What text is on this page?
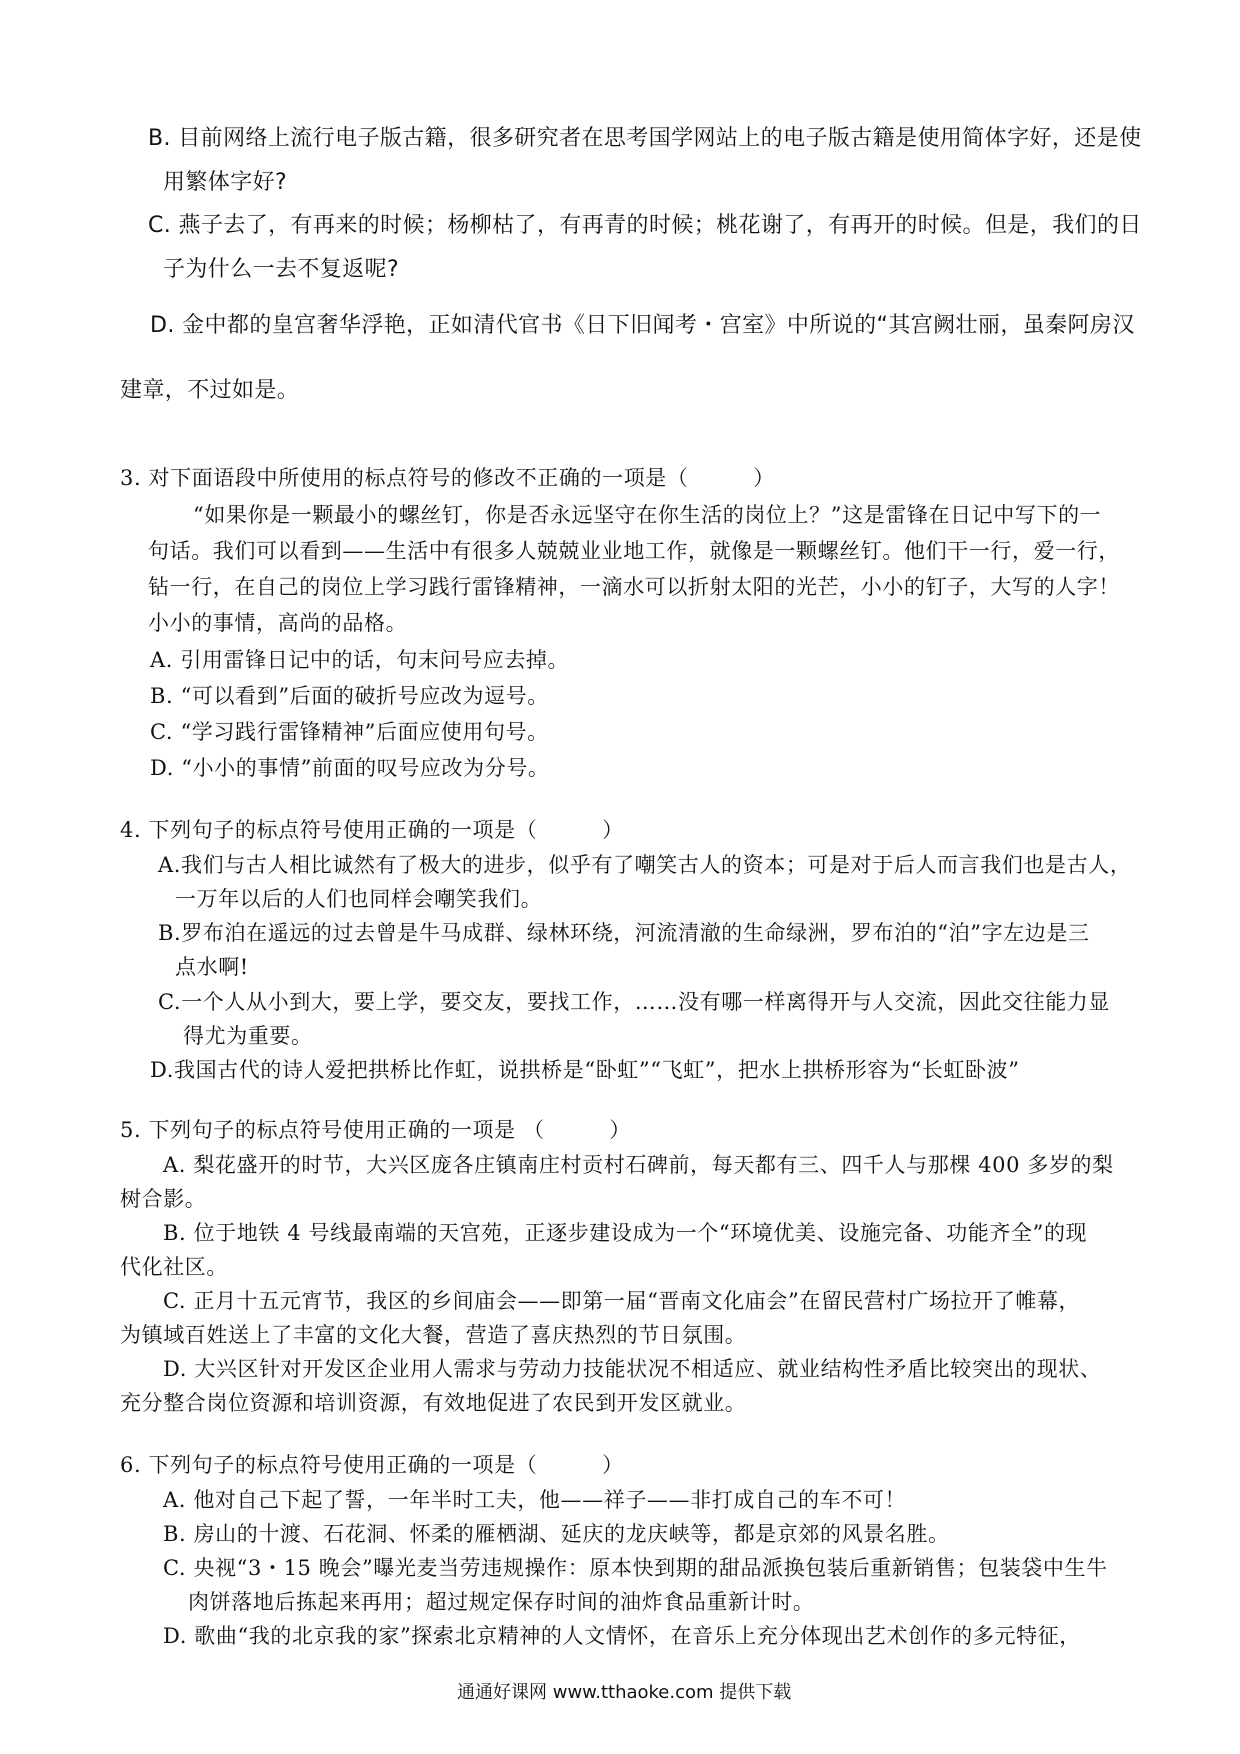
B. 目前网络上流行电子版古籍，很多研究者在思考国学网站上的电子版古籍是使用简体字好，还是使
用繁体字好?
C. 燕子去了，有再来的时候；杨柳枯了，有再青的时候；桃花谢了，有再开的时候。但是，我们的日
子为什么一去不复返呢?
D. 金中都的皇宫奢华浮艳，正如清代官书《日下旧闻考・宫室》中所说的“其宫阙壮丽，虽秦阿房汉
建章，不过如是。
3. 对下面语段中所使用的标点符号的修改不正确的一项是（　　　）
“如果你是一颗最小的螺丝钉，你是否永远坚守在你生活的岗位上？”这是雷锋在日记中写下的一
句话。我们可以看到——生活中有很多人兢兢业业地工作，就像是一颗螺丝钉。他们干一行，爱一行，
钻一行，在自己的岗位上学习践行雷锋精神，一滴水可以折射太阳的光芒，小小的钉子，大写的人字！
小小的事情，高尚的品格。
A. 引用雷锋日记中的话，句末问号应去掉。
B. “可以看到”后面的破折号应改为逗号。
C. “学习践行雷锋精神”后面应使用句号。
D. “小小的事情”前面的叹号应改为分号。
4. 下列句子的标点符号使用正确的一项是（　　　）
A.我们与古人相比诚然有了极大的进步，似乎有了嘲笑古人的资本；可是对于后人而言我们也是古人，
一万年以后的人们也同样会嘲笑我们。
B.罗布泊在遥远的过去曾是牛马成群、绿林环绕，河流清澈的生命绿洲，罗布泊的“泊”字左边是三
点水啊!
C.一个人从小到大，要上学，要交友，要找工作，……没有哪一样离得开与人交流，因此交往能力显
得尤为重要。
D.我国古代的诗人爱把拱桥比作虹，说拱桥是“卧虹”“飞虹”，把水上拱桥形容为“长虹卧波”
5. 下列句子的标点符号使用正确的一项是 （　　　）
A. 梨花盛开的时节，大兴区庞各庄镇南庄村贡村石碑前，每天都有三、四千人与那棵 400 多岁的梨
树合影。
B. 位于地铁 4 号线最南端的天宫苑，正逐步建设成为一个“环境优美、设施完备、功能齐全”的现
代化社区。
C. 正月十五元宵节，我区的乡间庙会——即第一届“晋南文化庙会”在留民营村广场拉开了帷幕，
为镇域百姓送上了丰富的文化大餐，营造了喜庆热烈的节日氛围。
D. 大兴区针对开发区企业用人需求与劳动力技能状况不相适应、就业结构性矛盾比较突出的现状、
充分整合岗位资源和培训资源，有效地促进了农民到开发区就业。
6. 下列句子的标点符号使用正确的一项是（　　　）
A. 他对自己下起了誓，一年半时工夫，他——祥子——非打成自己的车不可！
B. 房山的十渡、石花洞、怀柔的雁栖湖、延庆的龙庆峡等，都是京郊的风景名胜。
C. 央视“3・15 晚会”曝光麦当劳违规操作：原本快到期的甜品派换包装后重新销售；包装袋中生牛
肉饼落地后拣起来再用；超过规定保存时间的油炸食品重新计时。
D. 歌曲“我的北京我的家”探索北京精神的人文情怀，在音乐上充分体现出艺术创作的多元特征，
通通好课网 www.tthaoke.com 提供下载
